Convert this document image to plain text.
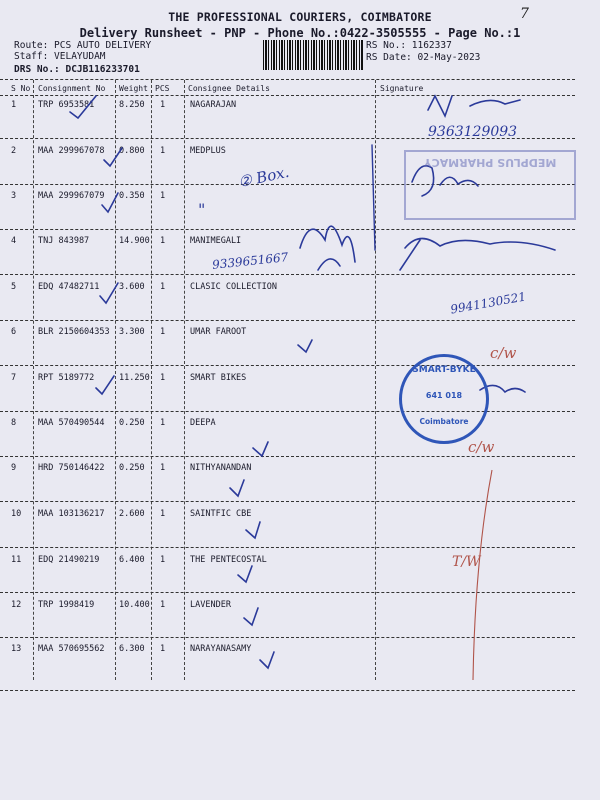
THE PROFESSIONAL COURIERS, COIMBATORE
Delivery Runsheet - PNP - Phone No.:0422-3505555 - Page No.:1
7
Route: PCS AUTO DELIVERY
Staff: VELAYUDAM
DRS No.: DCJB116233701
RS No.: 1162337
RS Date: 02-May-2023
S No Consignment No Weight PCS Consignee Details	Signature
1	TRP 6953581	8.250 1	NAGARAJAN
2	MAA 299967078 0.800 1	MEDPLUS
3	MAA 299967079 0.350 1
4	TNJ 843987	14.900 1	MANIMEGALI
5	EDQ 47482711 3.600 1	CLASIC COLLECTION
6	BLR 2150604353 3.300 1	UMAR FAROOT
7	RPT 5189772	11.250 1	SMART BIKES
8	MAA 570490544 0.250 1	DEEPA
9	HRD 750146422 0.250 1	NITHYANANDAN
10 MAA 103136217 2.600 1	SAINTFIC CBE
11 EDQ 21490219 6.400 1	THE PENTECOSTAL
12 TRP 1998419	10.400 1	LAVENDER
13 MAA 570695562 6.300 1	NARAYANASAMY
9363129093
② Box.
"
9339651667
9941130521
c/w
c/w
T/W
MEDPLUS PHARMACY
SMART-BYKE
641 018
Coimbatore
